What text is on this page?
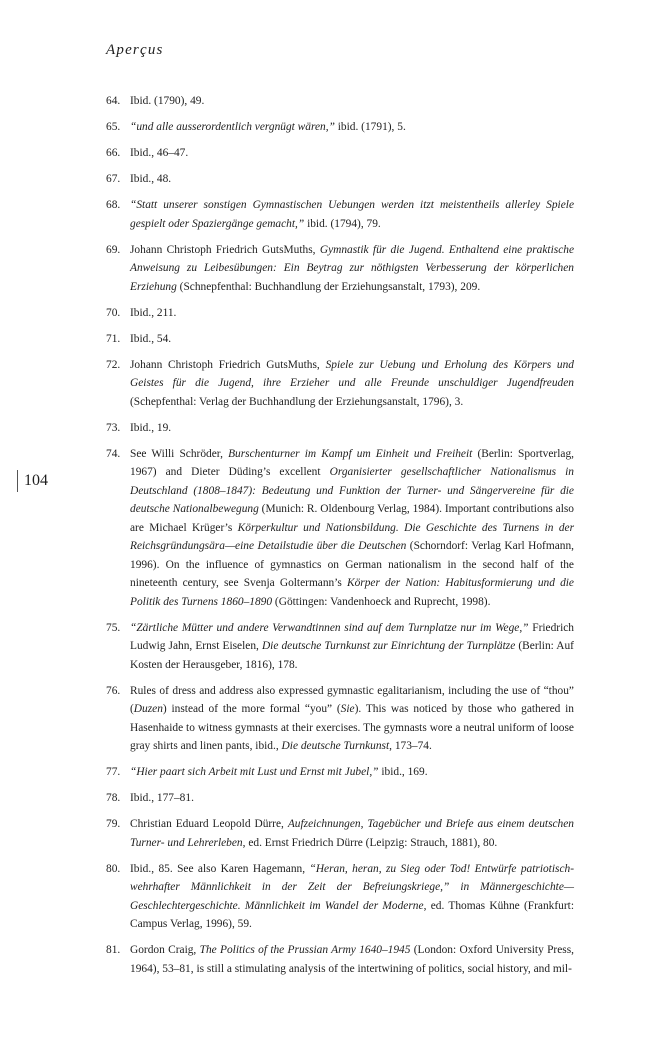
Aperçus
104
64. Ibid. (1790), 49.
65. “und alle ausserordentlich vergnügt wären,” ibid. (1791), 5.
66. Ibid., 46–47.
67. Ibid., 48.
68. “Statt unserer sonstigen Gymnastischen Uebungen werden itzt meistentheils allerley Spiele gespielt oder Spaziergänge gemacht,” ibid. (1794), 79.
69. Johann Christoph Friedrich GutsMuths, Gymnastik für die Jugend. Enthaltend eine praktische Anweisung zu Leibesübungen: Ein Beytrag zur nöthigsten Verbesserung der körperlichen Erziehung (Schnepfenthal: Buchhandlung der Erziehungsanstalt, 1793), 209.
70. Ibid., 211.
71. Ibid., 54.
72. Johann Christoph Friedrich GutsMuths, Spiele zur Uebung und Erholung des Körpers und Geistes für die Jugend, ihre Erzieher und alle Freunde unschuldiger Jugendfreuden (Schepfenthal: Verlag der Buchhandlung der Erziehungsanstalt, 1796), 3.
73. Ibid., 19.
74. See Willi Schröder, Burschenturner im Kampf um Einheit und Freiheit (Berlin: Sportverlag, 1967) and Dieter Düding’s excellent Organisierter gesellschaftlicher Nationalismus in Deutschland (1808–1847): Bedeutung und Funktion der Turner- und Sängervereine für die deutsche Nationalbewegung (Munich: R. Oldenbourg Verlag, 1984). Important contributions also are Michael Krüger’s Körperkultur und Nationsbildung. Die Geschichte des Turnens in der Reichsgründungsära—eine Detailstudie über die Deutschen (Schorndorf: Verlag Karl Hofmann, 1996). On the influence of gymnastics on German nationalism in the second half of the nineteenth century, see Svenja Goltermann’s Körper der Nation: Habitusformierung und die Politik des Turnens 1860–1890 (Göttingen: Vandenhoeck and Ruprecht, 1998).
75. “Zärtliche Mütter und andere Verwandtinnen sind auf dem Turnplatze nur im Wege,” Friedrich Ludwig Jahn, Ernst Eiselen, Die deutsche Turnkunst zur Einrichtung der Turnplätze (Berlin: Auf Kosten der Herausgeber, 1816), 178.
76. Rules of dress and address also expressed gymnastic egalitarianism, including the use of “thou” (Duzen) instead of the more formal “you” (Sie). This was noticed by those who gathered in Hasenhaide to witness gymnasts at their exercises. The gymnasts wore a neutral uniform of loose gray shirts and linen pants, ibid., Die deutsche Turnkunst, 173–74.
77. “Hier paart sich Arbeit mit Lust und Ernst mit Jubel,” ibid., 169.
78. Ibid., 177–81.
79. Christian Eduard Leopold Dürre, Aufzeichnungen, Tagebücher und Briefe aus einem deutschen Turner- und Lehrerleben, ed. Ernst Friedrich Dürre (Leipzig: Strauch, 1881), 80.
80. Ibid., 85. See also Karen Hagemann, “Heran, heran, zu Sieg oder Tod! Entwürfe patriotisch-wehrhafter Männlichkeit in der Zeit der Befreiungskriege,” in Männergeschichte—Geschlechtergeschichte. Männlichkeit im Wandel der Moderne, ed. Thomas Kühne (Frankfurt: Campus Verlag, 1996), 59.
81. Gordon Craig, The Politics of the Prussian Army 1640–1945 (London: Oxford University Press, 1964), 53–81, is still a stimulating analysis of the intertwining of politics, social history, and mil-
